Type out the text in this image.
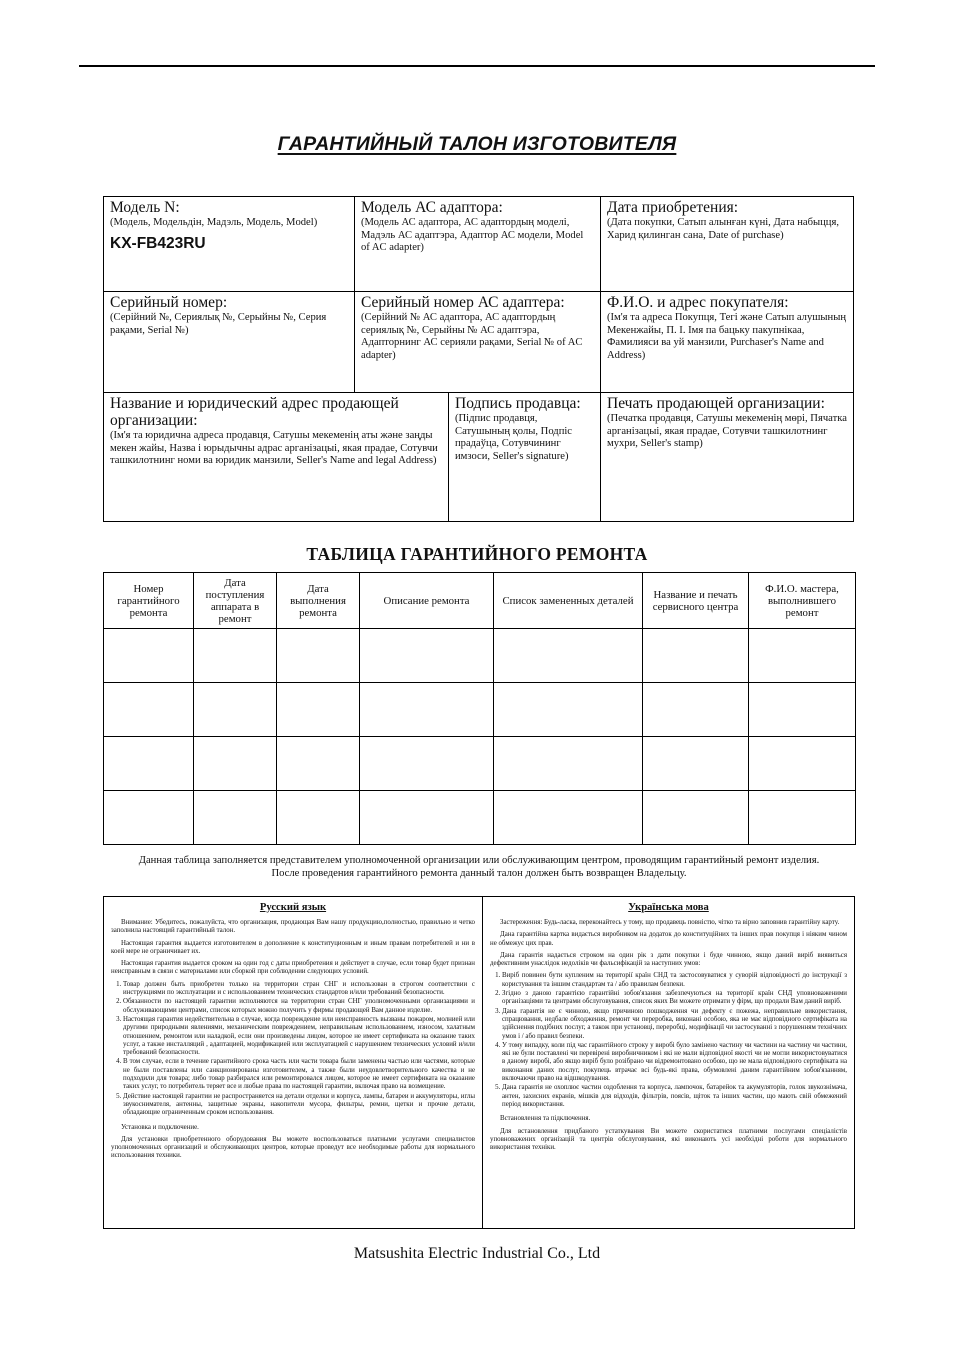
ГАРАНТИЙНЫЙ ТАЛОН ИЗГОТОВИТЕЛЯ
Модель N:
(Модель, Модельдін, Мадэль, Модель, Model)
KX-FB423RU
Модель АС адаптора:
(Модель АС адаптора, АС адаптордың моделі, Мадэль АС адаптэра, Адаптор АС модели, Model of AC adapter)
Дата приобретения:
(Дата покупки, Сатып алынған күні, Дата набыцця, Харид қилинган сана, Date of purchase)
Серийный номер:
(Серійний №, Сериялық №, Серыйны №, Серия рақами, Serial №)
Серийный номер АС адаптера:
(Серійний № АС адаптора, АС адаптордың сериялық №, Серыйны № АС адаптэра, Адапторнинг АС серияли рақами, Serial № of AC adapter)
Ф.И.О. и адрес покупателя:
(Ім'я та адреса Покупця, Тегі және Сатып алушының Мекенжайы, П. І. Імя па бацьку пакупнікаа, Фамилияси ва уй манзили, Purchaser's Name and Address)
Название и юридический адрес продающей организации:
(Ім'я та юридична адреса продавця, Сатушы мекеменің аты және заңды мекен жайы, Назва і юрыдычны адрас арганізацыі, якая прадае, Сотувчи ташкилотнинг номи ва юридик манзили, Seller's Name and legal Address)
Подпись продавца:
(Підпис продавця, Сатушының қолы, Подпіс прадаўца, Сотувчининг имзоси, Seller's signature)
Печать продающей организации:
(Печатка продавця, Сатушы мекеменің мөрі, Пячатка арганізацыі, якая прадае, Сотувчи ташкилотнинг мухри, Seller's stamp)
ТАБЛИЦА ГАРАНТИЙНОГО РЕМОНТА
Номер гарантийного ремонта	Дата поступления аппарата в ремонт	Дата выполнения ремонта	Описание ремонта	Список замененных деталей	Название и печать сервисного центра	Ф.И.О. мастера, выполнившего ремонт

Данная таблица заполняется представителем уполномоченной организации или обслуживающим центром, проводящим гарантийный ремонт изделия.
После проведения гарантийного ремонта данный талон должен быть возвращен Владельцу.
Русский язык

Внимание: Убедитесь, пожалуйста, что организация, продающая Вам нашу продукцию,полностью, правильно и четко заполнила настоящий гарантийный талон.

Настоящая гарантия выдается изготовителем в дополнение к конституционным и иным правам потребителей и ни в коей мере не ограничивает их.

Настоящая гарантия выдается сроком на один год с даты приобретения и действует в случае, если товар будет признан неисправным в связи с материалами или сборкой при соблюдении следующих условий.

1. Товар должен быть приобретен только на территории стран СНГ и использован в строгом соответствии с инструкциями по эксплуатации и с использованием технических стандартов и/или требований безопасности.
2. Обязанности по настоящей гарантии исполняются на территории стран СНГ уполномоченными организациями и обслуживающими центрами, список которых можно получить у фирмы продающей Вам данное изделие.
3. Настоящая гарантия недействительна в случае, когда повреждение или неисправность вызваны пожаром, молнией или другими природными явлениями, механическим повреждением, неправильным использованием, износом, халатным отношением, ремонтом или наладкой, если они произведены лицом, которое не имеет сертификата на оказание таких услуг, а также инсталляций , адаптацией, модификацией или эксплуатацией с нарушением технических условий и/или требований безопасности.
4. В том случае, если в течение гарантийного срока часть или части товара были заменены частью или частями, которые не были поставлены или санкционированы изготовителем, а также были неудовлетворительного качества и не подходили для товара; либо товар разбирался или ремонтировался лицом, которое не имеет сертификата на оказание таких услуг, то потребитель теряет все и любые права по настоящей гарантии, включая право на возмещение.
5. Действие настоящей гарантии не распространяется на детали отделки и корпуса, лампы, батареи и аккумуляторы, иглы звукоснимателя, антенны, защитные экраны, накопители мусора, фильтры, ремни, щетки и прочие детали, обладающие ограниченным сроком использования.

Установка и подключение.

Для установки приобретенного оборудования Вы можете воспользоваться платными услугами специалистов уполномоченных организаций и обслуживающих центров, которые проведут все необходимые работы для нормального использования техники.

Українська мова

Застереження: Будь-ласка, переконайтесь у тому, що продавець повністю, чітко та вірно заповнив гарантійну карту.

Дана гарантійна картка видається виробником на додаток до конституційних та інших прав покупця і ніяким чином не обмежує цих прав.

Дана гарантія надається строком на один рік з дати покупки і буде чинною, якщо даний виріб виявиться дефективним унаслідок недоліків чи фальсифікацій за наступних умов:

1. Виріб повинен бути купленим на території країн СНД та застосовуватися у суворій відповідності до інструкції з користування та іншим стандартам та / або правилам безпеки.
2. Згідно з даною гарантією гарантійні зобов'язання забезпечуються на території країн СНД уповноваженими організаціями та центрами обслуговування, список яких Ви можете отримати у фірм, що продали Вам даний виріб.
3. Дана гарантія не є чинною, якщо причиною пошкодження чи дефекту є пожежа, неправильне використання, спрацювання, недбале обходження, ремонт чи переробка, виконані особою, яка не має відповідного сертифіката на здійснення подібних послуг, а також при установці, переробці, модифікації чи застосуванні з порушенням технічних умов і / або правил безпеки.
4. У тому випадку, коли під час гарантійного строку у виробі було замінено частину чи частини на частину чи частини, які не були поставлені чи перевірені виробничником і які не мали відповідної якості чи не могли використовуватися в даному виробі, або якщо виріб було розібрано чи відремонтовано особою, що не мала відповідного сертифіката на виконання даних послуг, покупець втрачає всі будь-які права, обумовлені даним гарантійним зобов'язанням, включаючи право на відшкодування.
5. Дана гарантія не охоплює частин оздоблення та корпуса, лампочок, батарейок та акумуляторів, голок звукознімача, антен, захисних екранів, мішків для відходів, фільтрів, поясів, щіток та інших частин, що мають свій обмежений період використання.

Встановлення та підключення.

Для встановлення придбаного устаткування Ви можете скористатися платними послугами спеціалістів уповноважених організацій та центрів обслуговування, які виконають усі необхідні роботи для нормального використання техніки.

Matsushita Electric Industrial Co., Ltd
